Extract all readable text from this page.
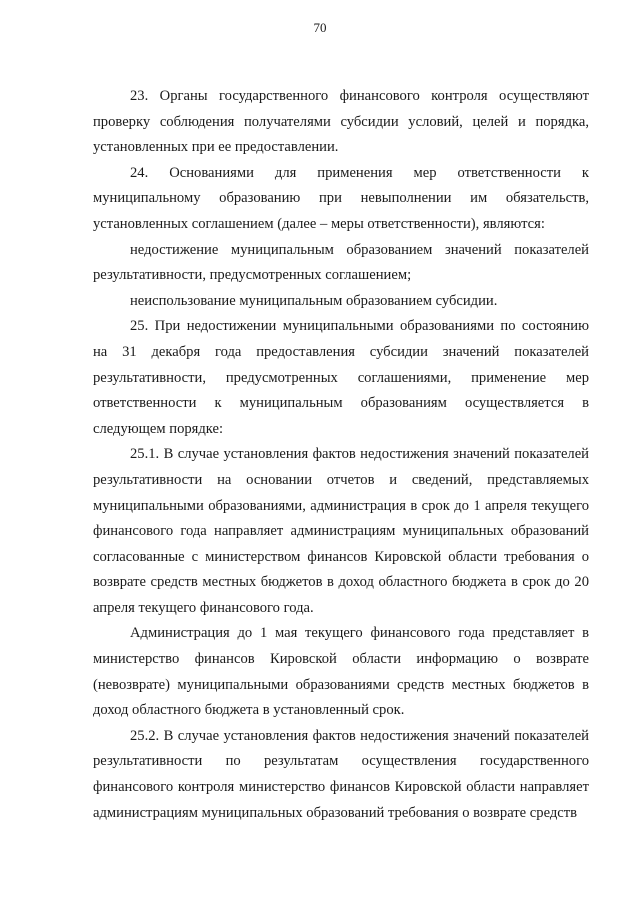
70

23. Органы государственного финансового контроля осуществляют проверку соблюдения получателями субсидии условий, целей и порядка, установленных при ее предоставлении.

24. Основаниями для применения мер ответственности к муниципальному образованию при невыполнении им обязательств, установленных соглашением (далее – меры ответственности), являются:

недостижение муниципальным образованием значений показателей результативности, предусмотренных соглашением;

неиспользование муниципальным образованием субсидии.

25. При недостижении муниципальными образованиями по состоянию на 31 декабря года предоставления субсидии значений показателей результативности, предусмотренных соглашениями, применение мер ответственности к муниципальным образованиям осуществляется в следующем порядке:

25.1. В случае установления фактов недостижения значений показателей результативности на основании отчетов и сведений, представляемых муниципальными образованиями, администрация в срок до 1 апреля текущего финансового года направляет администрациям муниципальных образований согласованные с министерством финансов Кировской области требования о возврате средств местных бюджетов в доход областного бюджета в срок до 20 апреля текущего финансового года.

Администрация до 1 мая текущего финансового года представляет в министерство финансов Кировской области информацию о возврате (невозврате) муниципальными образованиями средств местных бюджетов в доход областного бюджета в установленный срок.

25.2. В случае установления фактов недостижения значений показателей результативности по результатам осуществления государственного финансового контроля министерство финансов Кировской области направляет администрациям муниципальных образований требования о возврате средств
